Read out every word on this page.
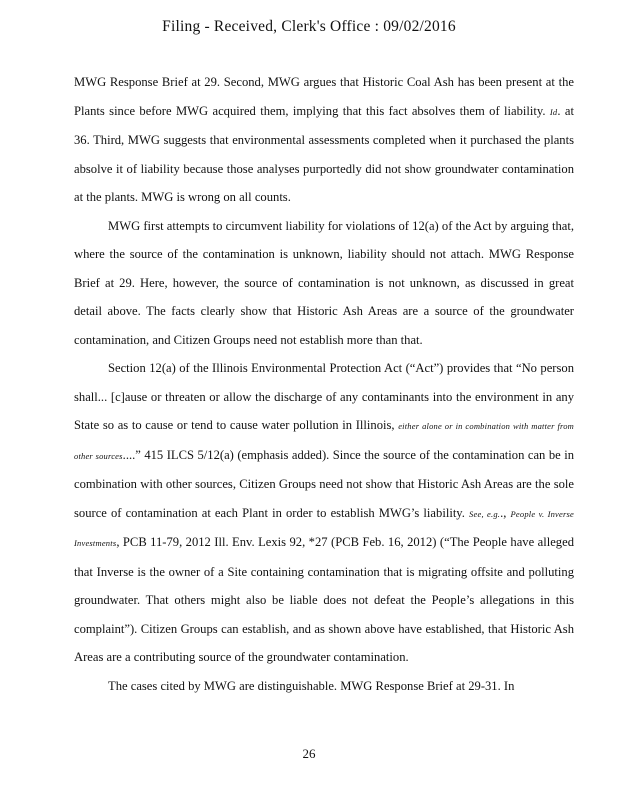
Filing - Received, Clerk's Office : 09/02/2016

MWG Response Brief at 29. Second, MWG argues that Historic Coal Ash has been present at the Plants since before MWG acquired them, implying that this fact absolves them of liability. Id. at 36. Third, MWG suggests that environmental assessments completed when it purchased the plants absolve it of liability because those analyses purportedly did not show groundwater contamination at the plants. MWG is wrong on all counts.

MWG first attempts to circumvent liability for violations of 12(a) of the Act by arguing that, where the source of the contamination is unknown, liability should not attach. MWG Response Brief at 29. Here, however, the source of contamination is not unknown, as discussed in great detail above. The facts clearly show that Historic Ash Areas are a source of the groundwater contamination, and Citizen Groups need not establish more than that.

Section 12(a) of the Illinois Environmental Protection Act (“Act”) provides that “No person shall... [c]ause or threaten or allow the discharge of any contaminants into the environment in any State so as to cause or tend to cause water pollution in Illinois, either alone or in combination with matter from other sources....” 415 ILCS 5/12(a) (emphasis added). Since the source of the contamination can be in combination with other sources, Citizen Groups need not show that Historic Ash Areas are the sole source of contamination at each Plant in order to establish MWG’s liability. See, e.g.., People v. Inverse Investments, PCB 11-79, 2012 Ill. Env. Lexis 92, *27 (PCB Feb. 16, 2012) (“The People have alleged that Inverse is the owner of a Site containing contamination that is migrating offsite and polluting groundwater. That others might also be liable does not defeat the People’s allegations in this complaint”). Citizen Groups can establish, and as shown above have established, that Historic Ash Areas are a contributing source of the groundwater contamination.

The cases cited by MWG are distinguishable. MWG Response Brief at 29-31. In

26
